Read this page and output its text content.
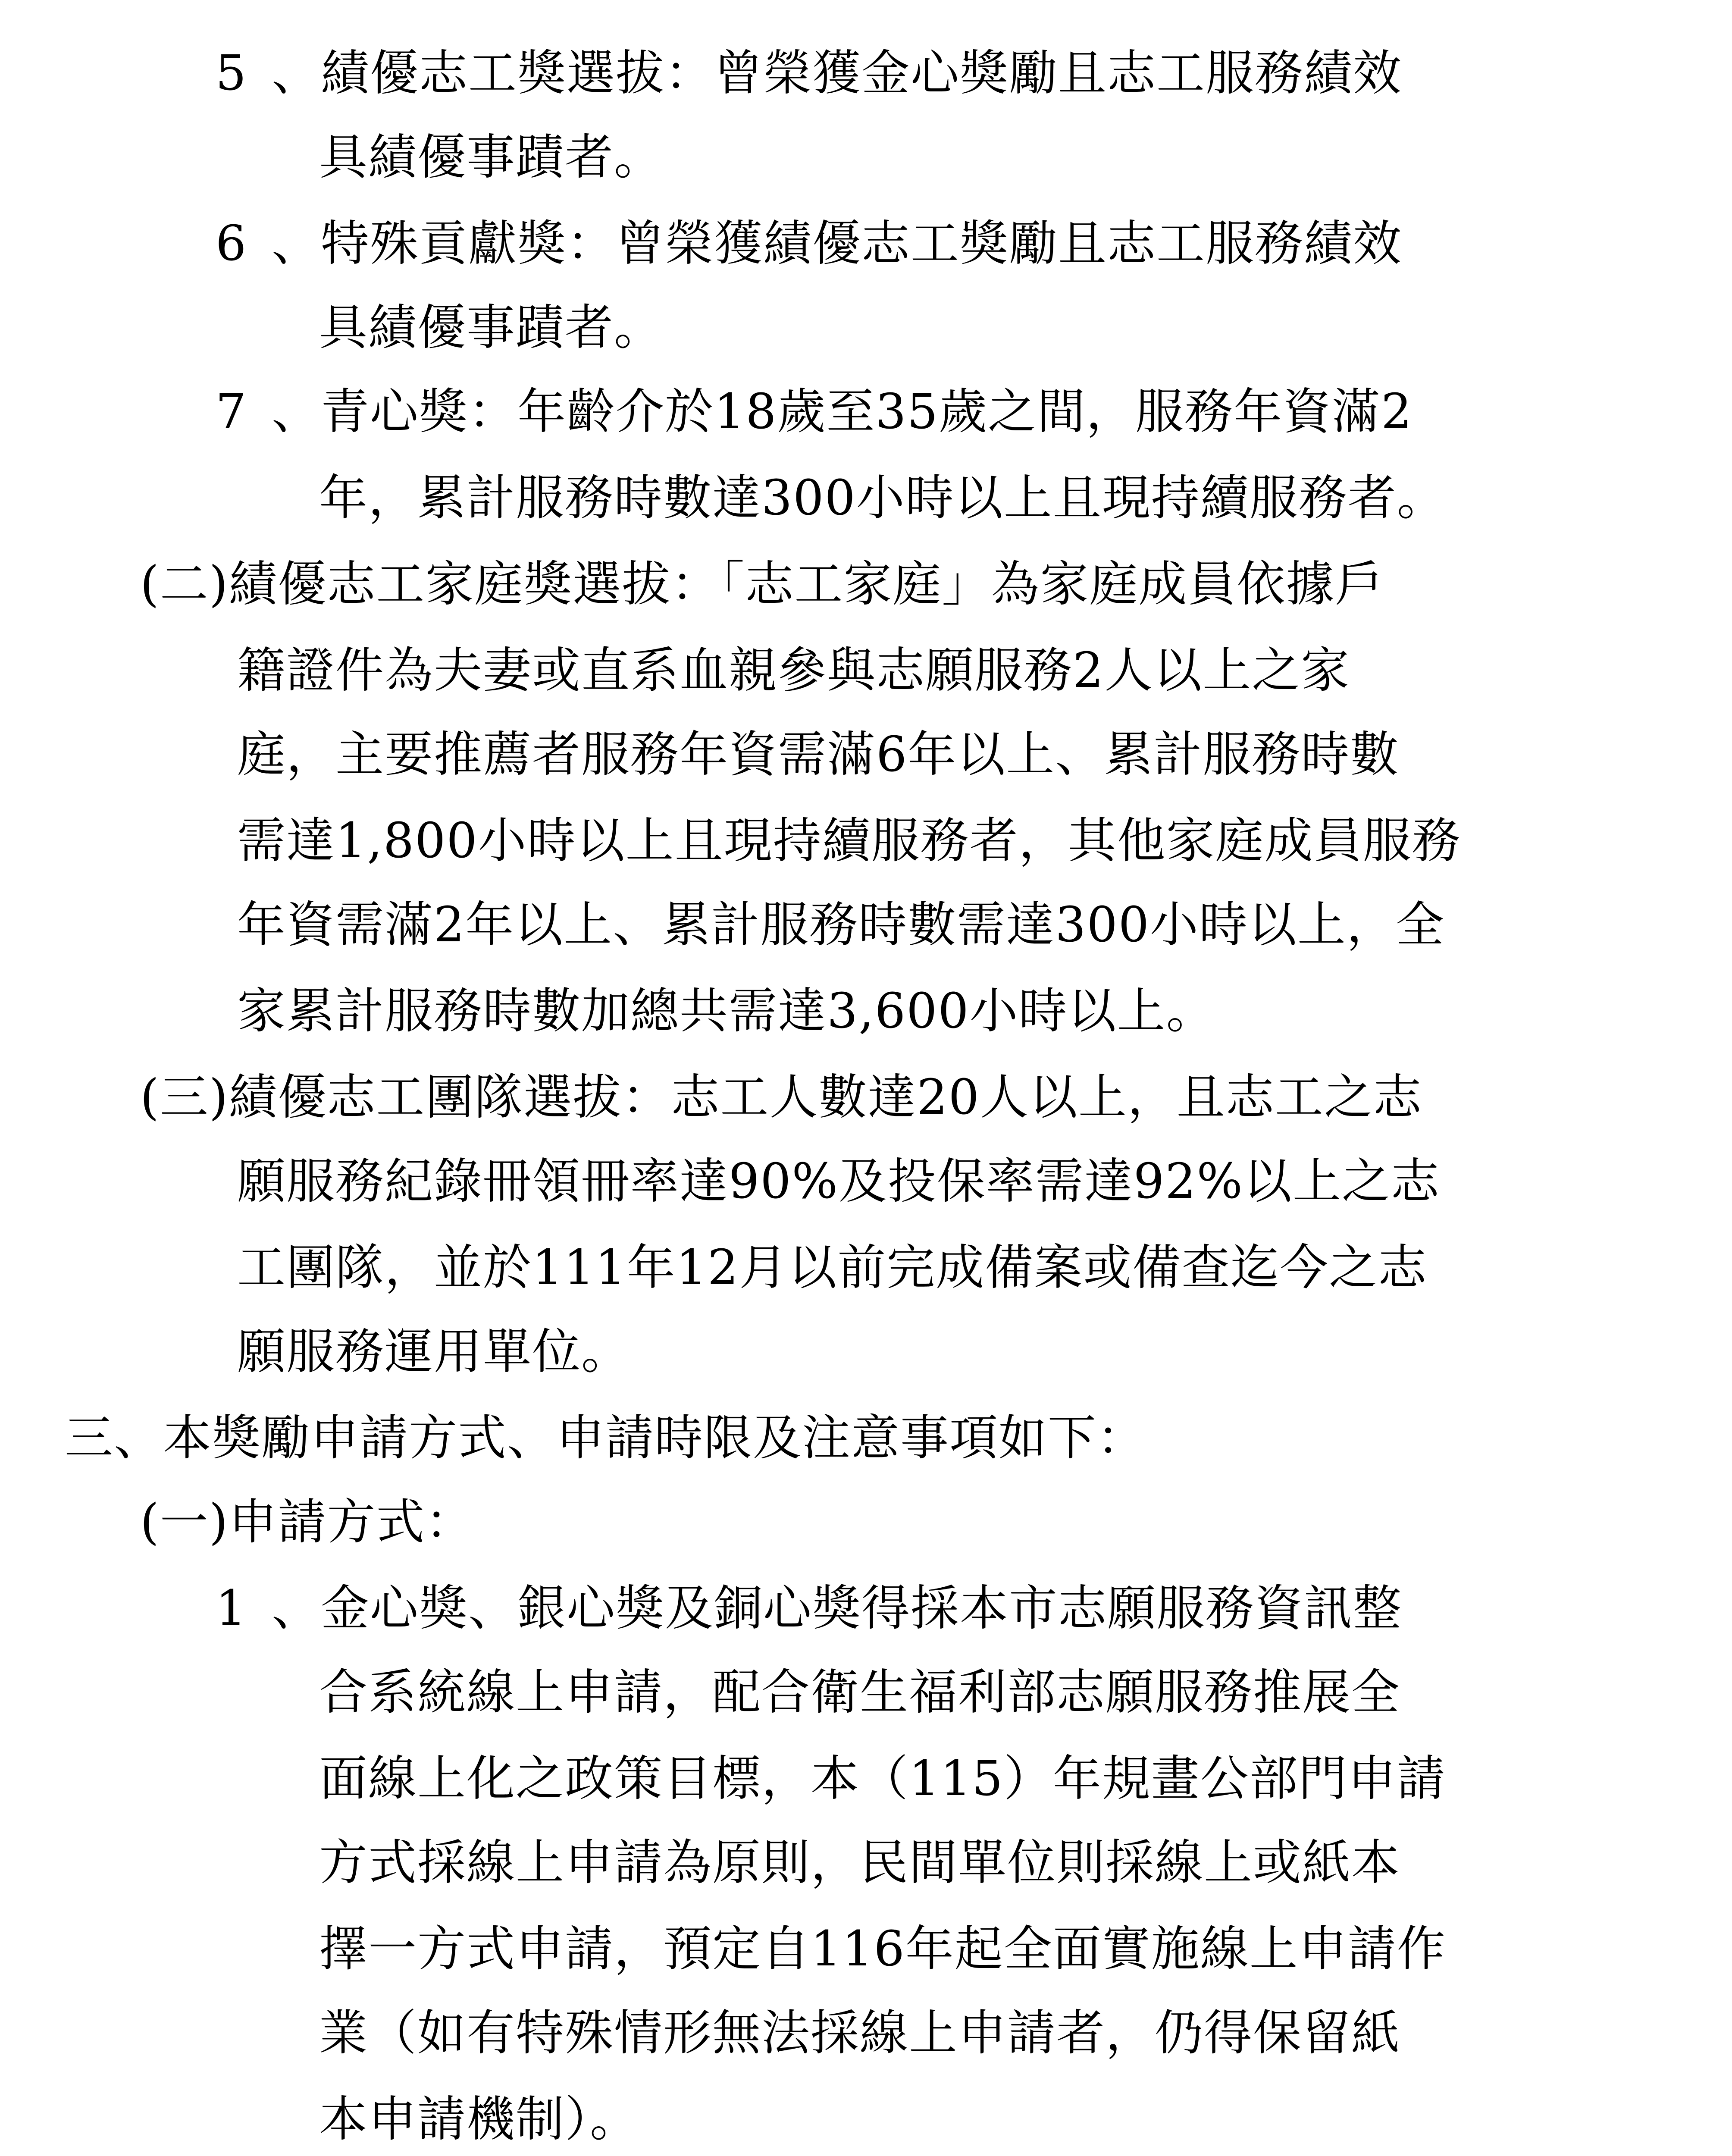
5 、績優志工獎選拔：曾榮獲金心獎勵且志工服務績效
具績優事蹟者。
6 、特殊貢獻獎：曾榮獲績優志工獎勵且志工服務績效
具績優事蹟者。
7 、青心獎：年齡介於18歲至35歲之間，服務年資滿2
年，累計服務時數達300小時以上且現持續服務者。
(二)績優志工家庭獎選拔：「志工家庭」為家庭成員依據戶
籍證件為夫妻或直系血親參與志願服務2人以上之家
庭，主要推薦者服務年資需滿6年以上、累計服務時數
需達1,800小時以上且現持續服務者，其他家庭成員服務
年資需滿2年以上、累計服務時數需達300小時以上，全
家累計服務時數加總共需達3,600小時以上。
(三)績優志工團隊選拔：志工人數達20人以上，且志工之志
願服務紀錄冊領冊率達90%及投保率需達92%以上之志
工團隊，並於111年12月以前完成備案或備查迄今之志
願服務運用單位。
三、本獎勵申請方式、申請時限及注意事項如下：
(一)申請方式：
1 、金心獎、銀心獎及銅心獎得採本市志願服務資訊整
合系統線上申請，配合衛生福利部志願服務推展全
面線上化之政策目標，本（115）年規畫公部門申請
方式採線上申請為原則，民間單位則採線上或紙本
擇一方式申請，預定自116年起全面實施線上申請作
業（如有特殊情形無法採線上申請者，仍得保留紙
本申請機制）。
